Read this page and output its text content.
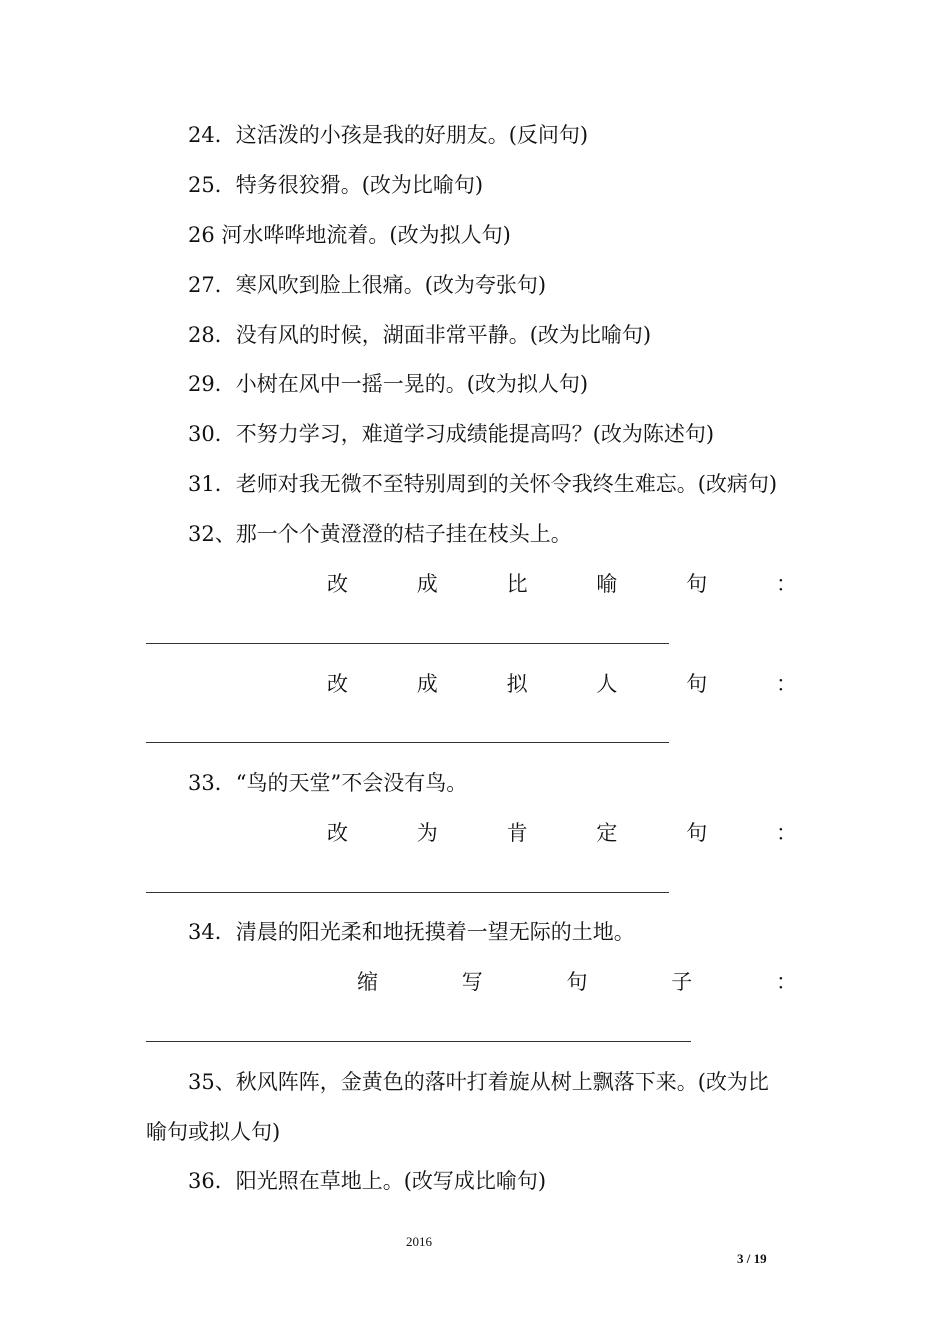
24．这活泼的小孩是我的好朋友。(反问句)
25．特务很狡猾。(改为比喻句)
26 河水哗哗地流着。(改为拟人句)
27．寒风吹到脸上很痛。(改为夸张句)
28．没有风的时候，湖面非常平静。(改为比喻句)
29．小树在风中一摇一晃的。(改为拟人句)
30．不努力学习，难道学习成绩能提高吗？(改为陈述句)
31．老师对我无微不至特别周到的关怀令我终生难忘。(改病句)
32、那一个个黄澄澄的桔子挂在枝头上。
改	成	比	喻	句	：
改	成	拟	人	句	：
33．“鸟的天堂”不会没有鸟。
改	为	肯	定	句	：
34．清晨的阳光柔和地抚摸着一望无际的土地。
缩	写	句	子	：
35、秋风阵阵，金黄色的落叶打着旋从树上飘落下来。(改为比
喻句或拟人句)
36．阳光照在草地上。(改写成比喻句)
2016
3 / 19
